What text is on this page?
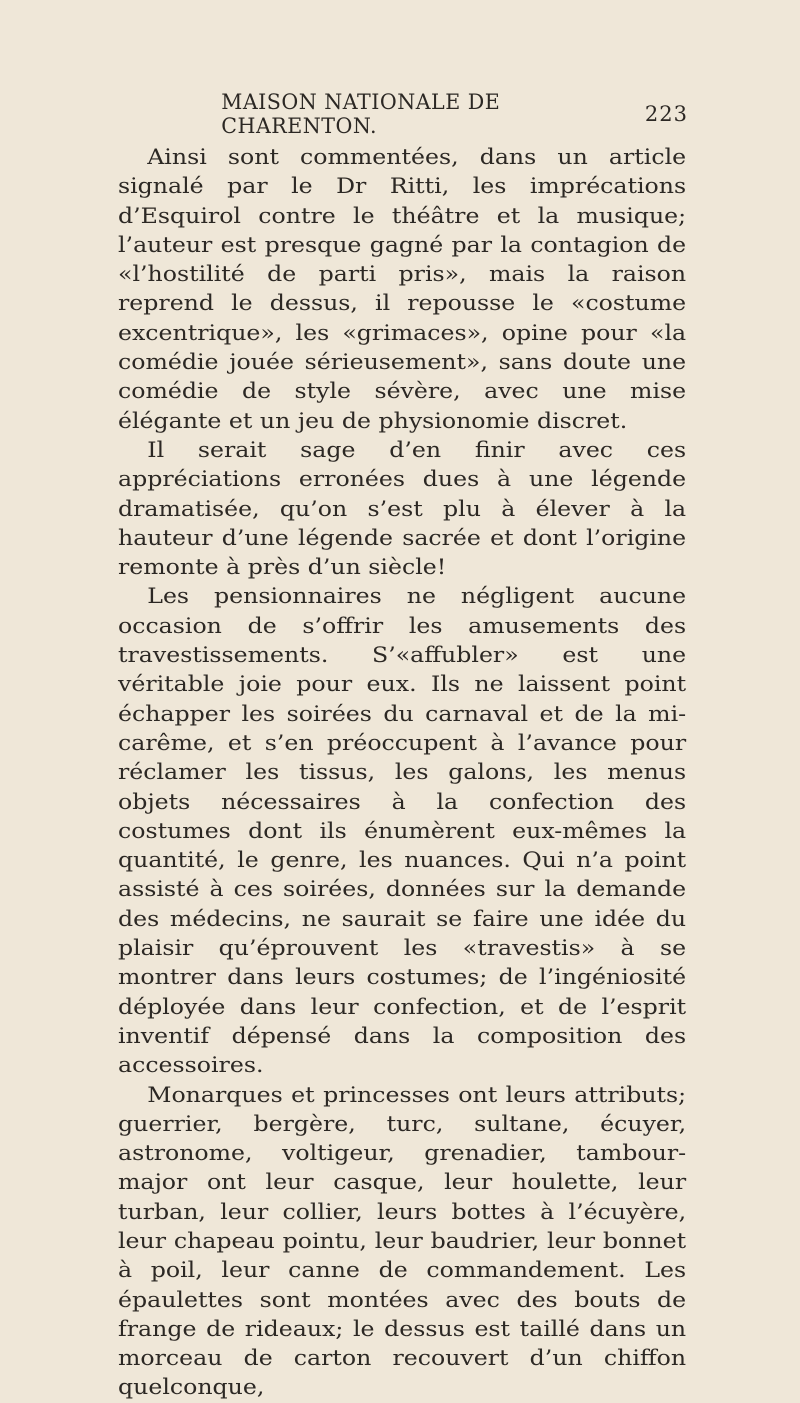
MAISON NATIONALE DE CHARENTON.	223

Ainsi sont commentées, dans un article signalé par le Dr Ritti, les imprécations d’Esquirol contre le théâtre et la musique; l’auteur est presque gagné par la contagion de «l’hostilité de parti pris», mais la raison reprend le dessus, il repousse le «costume excentrique», les «grimaces», opine pour «la comédie jouée sérieusement», sans doute une comédie de style sévère, avec une mise élégante et un jeu de physionomie discret.

Il serait sage d’en finir avec ces appréciations erronées dues à une légende dramatisée, qu’on s’est plu à élever à la hauteur d’une légende sacrée et dont l’origine remonte à près d’un siècle!

Les pensionnaires ne négligent aucune occasion de s’offrir les amusements des travestissements. S’«affubler» est une véritable joie pour eux. Ils ne laissent point échapper les soirées du carnaval et de la mi-carême, et s’en préoccupent à l’avance pour réclamer les tissus, les galons, les menus objets nécessaires à la confection des costumes dont ils énumèrent eux-mêmes la quantité, le genre, les nuances. Qui n’a point assisté à ces soirées, données sur la demande des médecins, ne saurait se faire une idée du plaisir qu’éprouvent les «travestis» à se montrer dans leurs costumes; de l’ingéniosité déployée dans leur confection, et de l’esprit inventif dépensé dans la composition des accessoires.

Monarques et princesses ont leurs attributs; guerrier, bergère, turc, sultane, écuyer, astronome, voltigeur, grenadier, tambour-major ont leur casque, leur houlette, leur turban, leur collier, leurs bottes à l’écuyère, leur chapeau pointu, leur baudrier, leur bonnet à poil, leur canne de commandement. Les épaulettes sont montées avec des bouts de frange de rideaux; le dessus est taillé dans un morceau de carton recouvert d’un chiffon quelconque,
